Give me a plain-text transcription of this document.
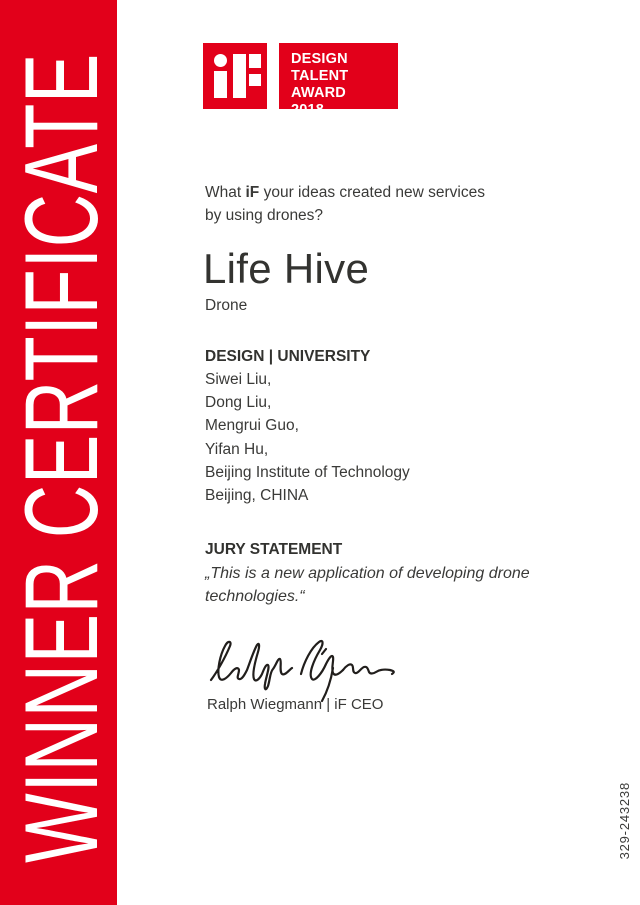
WINNER CERTIFICATE	DESIGN
TALENT AWARD
2018
What iF your ideas created new services
by using drones?
Life Hive
Drone
DESIGN | UNIVERSITY
Siwei Liu,
Dong Liu,
Mengrui Guo,
Yifan Hu,
Beijing Institute of Technology
Beijing, CHINA
JURY STATEMENT
„This is a new application of developing drone technologies.“
Ralph Wiegmann | iF CEO
329-243238
